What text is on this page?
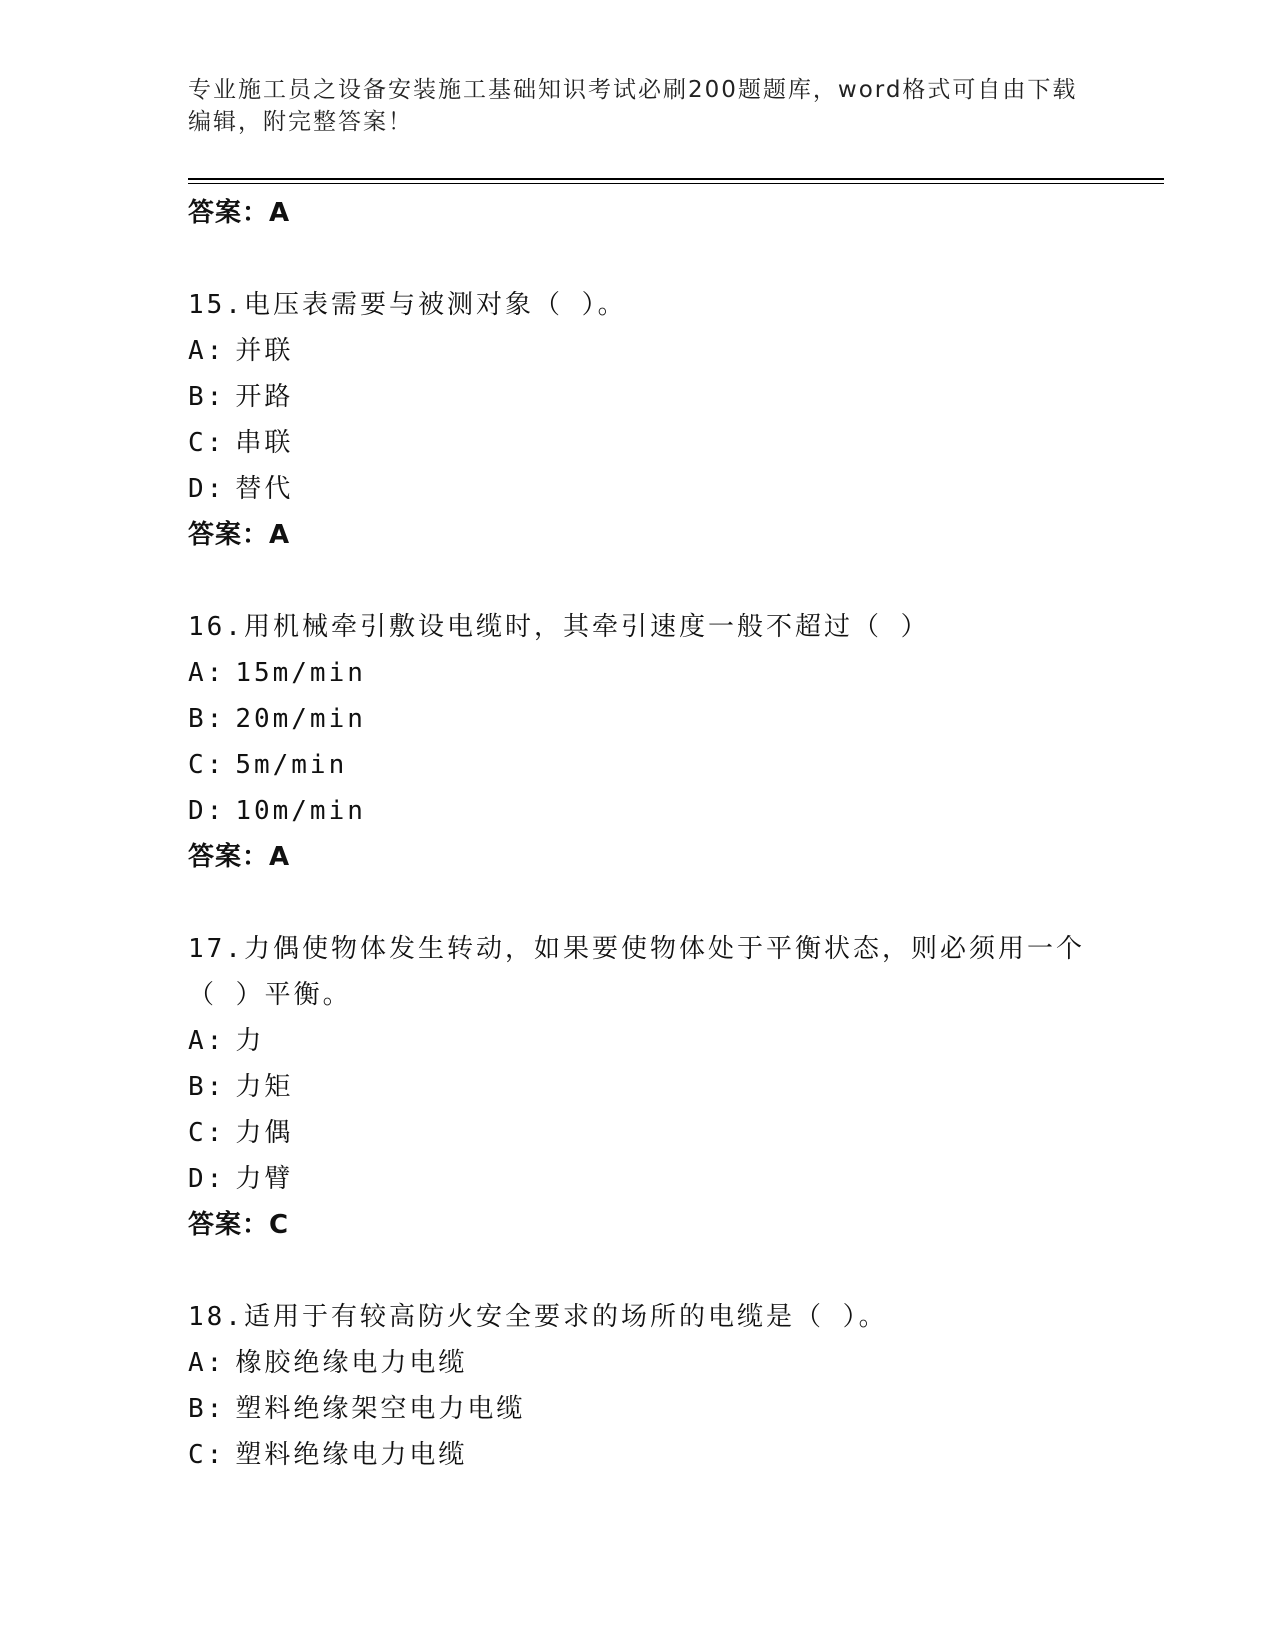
专业施工员之设备安装施工基础知识考试必刷200题题库，word格式可自由下载
编辑，附完整答案！
答案：A
15.电压表需要与被测对象（ ）。
A: 并联
B: 开路
C: 串联
D: 替代
答案：A
16.用机械牵引敷设电缆时，其牵引速度一般不超过（ ）
A: 15m/min
B: 20m/min
C: 5m/min
D: 10m/min
答案：A
17.力偶使物体发生转动，如果要使物体处于平衡状态，则必须用一个
（ ）平衡。
A: 力
B: 力矩
C: 力偶
D: 力臂
答案：C
18.适用于有较高防火安全要求的场所的电缆是（ ）。
A: 橡胶绝缘电力电缆
B: 塑料绝缘架空电力电缆
C: 塑料绝缘电力电缆
